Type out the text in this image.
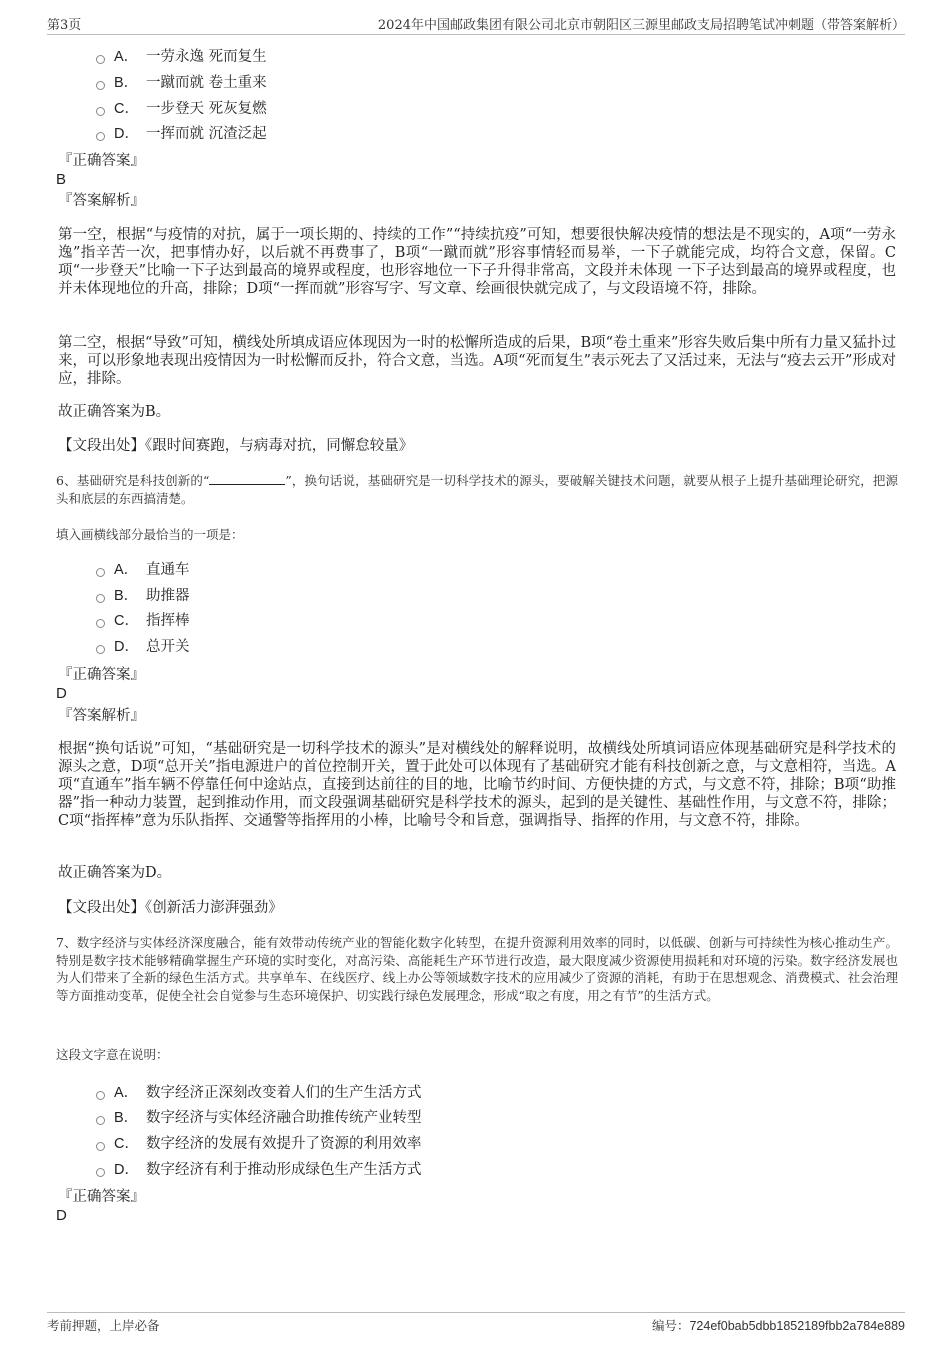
第3页	2024年中国邮政集团有限公司北京市朝阳区三源里邮政支局招聘笔试冲刺题（带答案解析）
A． 一劳永逸 死而复生
B． 一蹴而就 卷土重来
C． 一步登天 死灰复燃
D． 一挥而就 沉渣泛起
『正确答案』
B
『答案解析』
第一空，根据“与疫情的对抗，属于一项长期的、持续的工作”“持续抗疫”可知，想要很快解决疫情的想法是不现实的，A项“一劳永逸”指辛苦一次，把事情办好，以后就不再费事了，B项“一蹴而就”形容事情轻而易举，一下子就能完成，均符合文意，保留。C项“一步登天”比喻一下子达到最高的境界或程度，也形容地位一下子升得非常高，文段并未体现 一下子达到最高的境界或程度，也并未体现地位的升高，排除；D项“一挥而就”形容写字、写文章、绘画很快就完成了，与文段语境不符，排除。
第二空，根据“导致”可知，横线处所填成语应体现因为一时的松懈所造成的后果，B项“卷土重来”形容失败后集中所有力量又猛扑过来，可以形象地表现出疫情因为一时松懈而反扑，符合文意，当选。A项“死而复生”表示死去了又活过来，无法与“疫去云开”形成对应，排除。
故正确答案为B。
【文段出处】《跟时间赛跑，与病毒对抗，同懈怠较量》
6、基础研究是科技创新的“	”，换句话说，基础研究是一切科学技术的源头，要破解关键技术问题，就要从根子上提升基础理论研究，把源头和底层的东西搞清楚。
填入画横线部分最恰当的一项是：
A． 直通车
B． 助推器
C． 指挥棒
D． 总开关
『正确答案』
D
『答案解析』
根据“换句话说”可知，“基础研究是一切科学技术的源头”是对横线处的解释说明，故横线处所填词语应体现基础研究是科学技术的源头之意，D项“总开关”指电源进户的首位控制开关，置于此处可以体现有了基础研究才能有科技创新之意，与文意相符，当选。A项“直通车”指车辆不停靠任何中途站点，直接到达前往的目的地，比喻节约时间、方便快捷的方式，与文意不符，排除；B项“助推器”指一种动力装置，起到推动作用，而文段强调基础研究是科学技术的源头，起到的是关键性、基础性作用，与文意不符，排除；C项“指挥棒”意为乐队指挥、交通警等指挥用的小棒，比喻号令和旨意，强调指导、指挥的作用，与文意不符，排除。
故正确答案为D。
【文段出处】《创新活力澎湃强劲》
7、数字经济与实体经济深度融合，能有效带动传统产业的智能化数字化转型，在提升资源利用效率的同时，以低碳、创新与可持续性为核心推动生产。特别是数字技术能够精确掌握生产环境的实时变化，对高污染、高能耗生产环节进行改造，最大限度减少资源使用损耗和对环境的污染。数字经济发展也为人们带来了全新的绿色生活方式。共享单车、在线医疗、线上办公等领域数字技术的应用减少了资源的消耗，有助于在思想观念、消费模式、社会治理等方面推动变革，促使全社会自觉参与生态环境保护、切实践行绿色发展理念，形成“取之有度，用之有节”的生活方式。
这段文字意在说明：
A． 数字经济正深刻改变着人们的生产生活方式
B． 数字经济与实体经济融合助推传统产业转型
C． 数字经济的发展有效提升了资源的利用效率
D． 数字经济有利于推动形成绿色生产生活方式
『正确答案』
D
考前押题，上岸必备	编号：724ef0bab5dbb1852189fbb2a784e889
